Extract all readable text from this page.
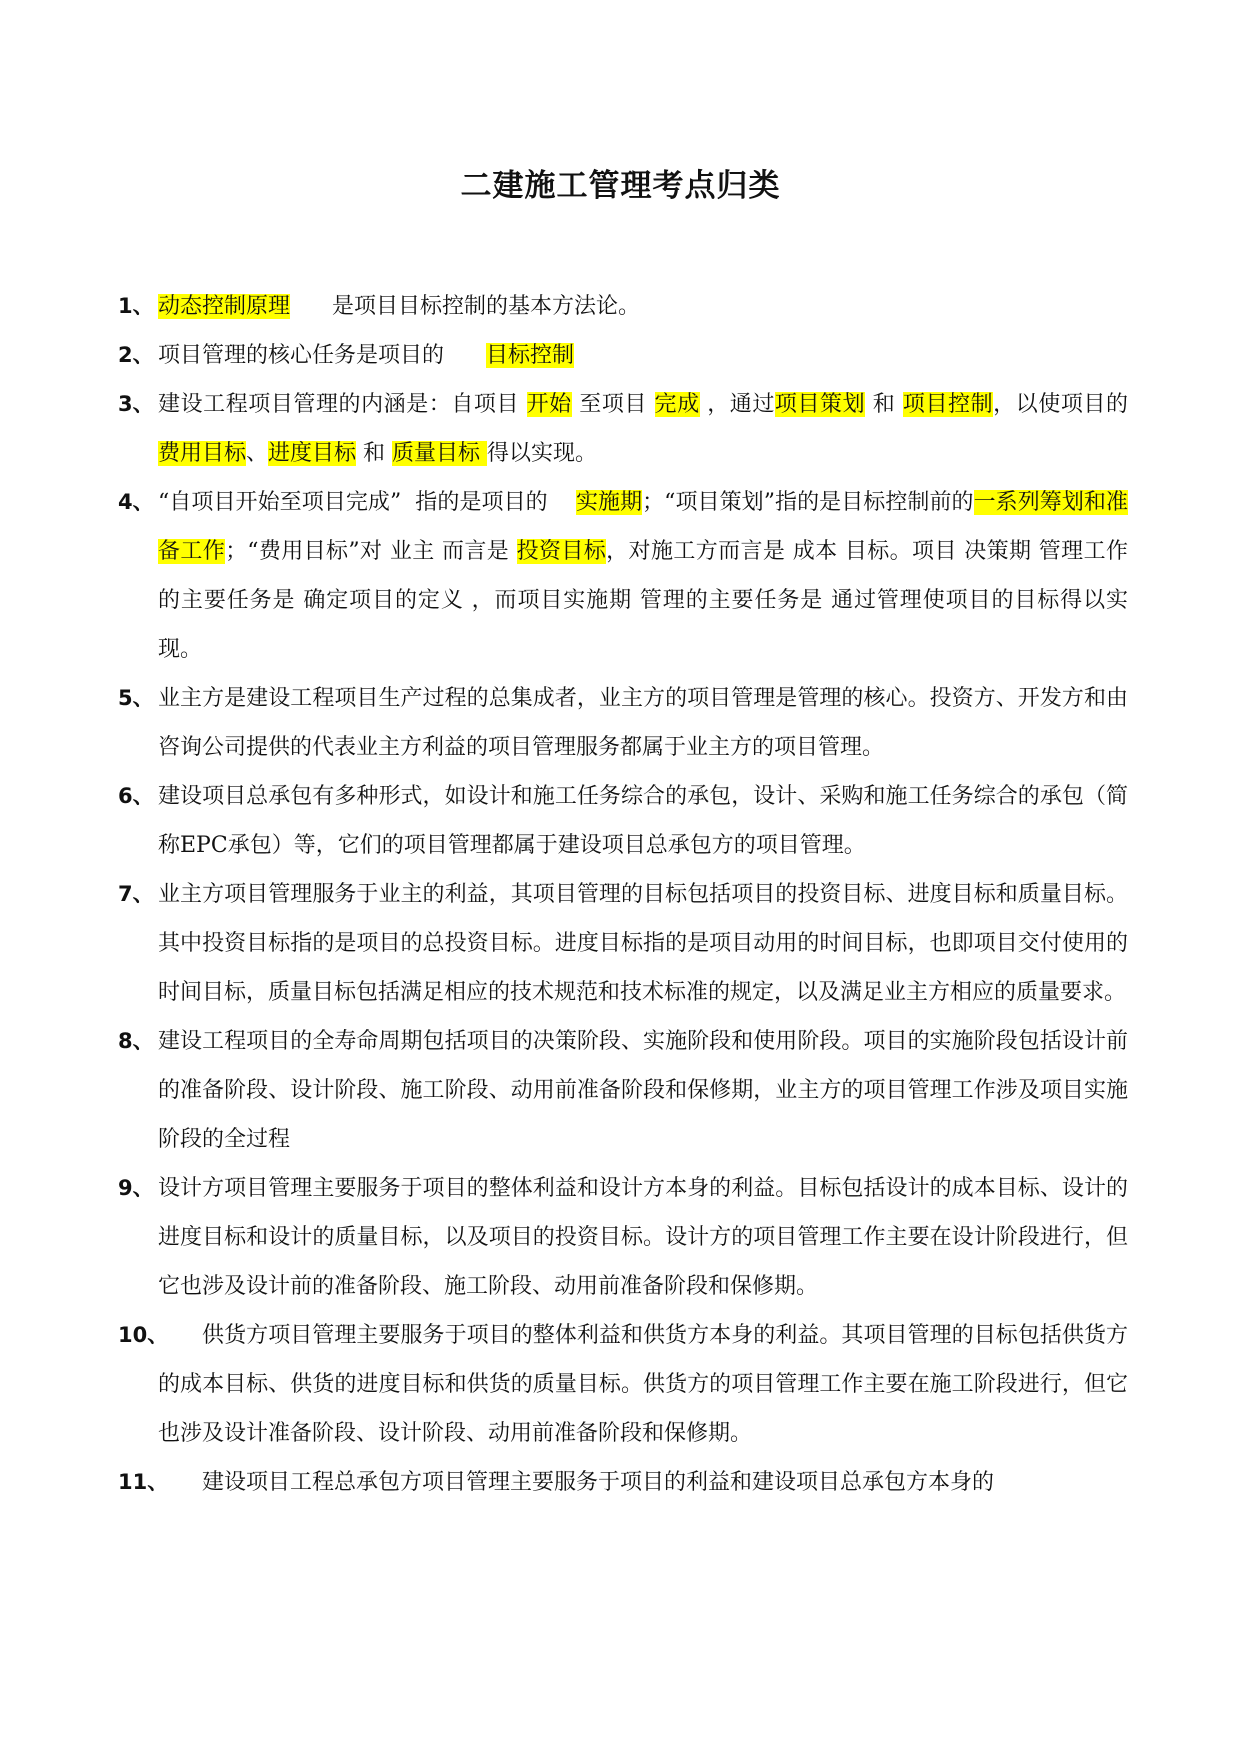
二建施工管理考点归类
1、 动态控制原理      是项目目标控制的基本方法论。
2、 项目管理的核心任务是项目的      目标控制
3、 建设工程项目管理的内涵是：自项目 开始 至项目 完成 ，通过项目策划 和 项目控制，以使项目的    费用目标、进度目标 和 质量目标 得以实现。
4、 “自项目开始至项目完成”  指的是项目的    实施期；“项目策划”指的是目标控制前的一系列筹划和准备工作；“费用目标”对 业主 而言是 投资目标，对施工方而言是 成本 目标。项目 决策期 管理工作的主要任务是 确定项目的定义 ，而项目实施期 管理的主要任务是 通过管理使项目的目标得以实现。
5、 业主方是建设工程项目生产过程的总集成者，业主方的项目管理是管理的核心。投资方、开发方和由咨询公司提供的代表业主方利益的项目管理服务都属于业主方的项目管理。
6、 建设项目总承包有多种形式，如设计和施工任务综合的承包，设计、采购和施工任务综合的承包（简称EPC承包）等，它们的项目管理都属于建设项目总承包方的项目管理。
7、 业主方项目管理服务于业主的利益，其项目管理的目标包括项目的投资目标、进度目标和质量目标。其中投资目标指的是项目的总投资目标。进度目标指的是项目动用的时间目标，也即项目交付使用的时间目标，质量目标包括满足相应的技术规范和技术标准的规定，以及满足业主方相应的质量要求。
8、 建设工程项目的全寿命周期包括项目的决策阶段、实施阶段和使用阶段。项目的实施阶段包括设计前的准备阶段、设计阶段、施工阶段、动用前准备阶段和保修期，业主方的项目管理工作涉及项目实施阶段的全过程
9、 设计方项目管理主要服务于项目的整体利益和设计方本身的利益。目标包括设计的成本目标、设计的进度目标和设计的质量目标，以及项目的投资目标。设计方的项目管理工作主要在设计阶段进行，但它也涉及设计前的准备阶段、施工阶段、动用前准备阶段和保修期。
10、 供货方项目管理主要服务于项目的整体利益和供货方本身的利益。其项目管理的目标包括供货方的成本目标、供货的进度目标和供货的质量目标。供货方的项目管理工作主要在施工阶段进行，但它也涉及设计准备阶段、设计阶段、动用前准备阶段和保修期。
11、 建设项目工程总承包方项目管理主要服务于项目的利益和建设项目总承包方本身的
